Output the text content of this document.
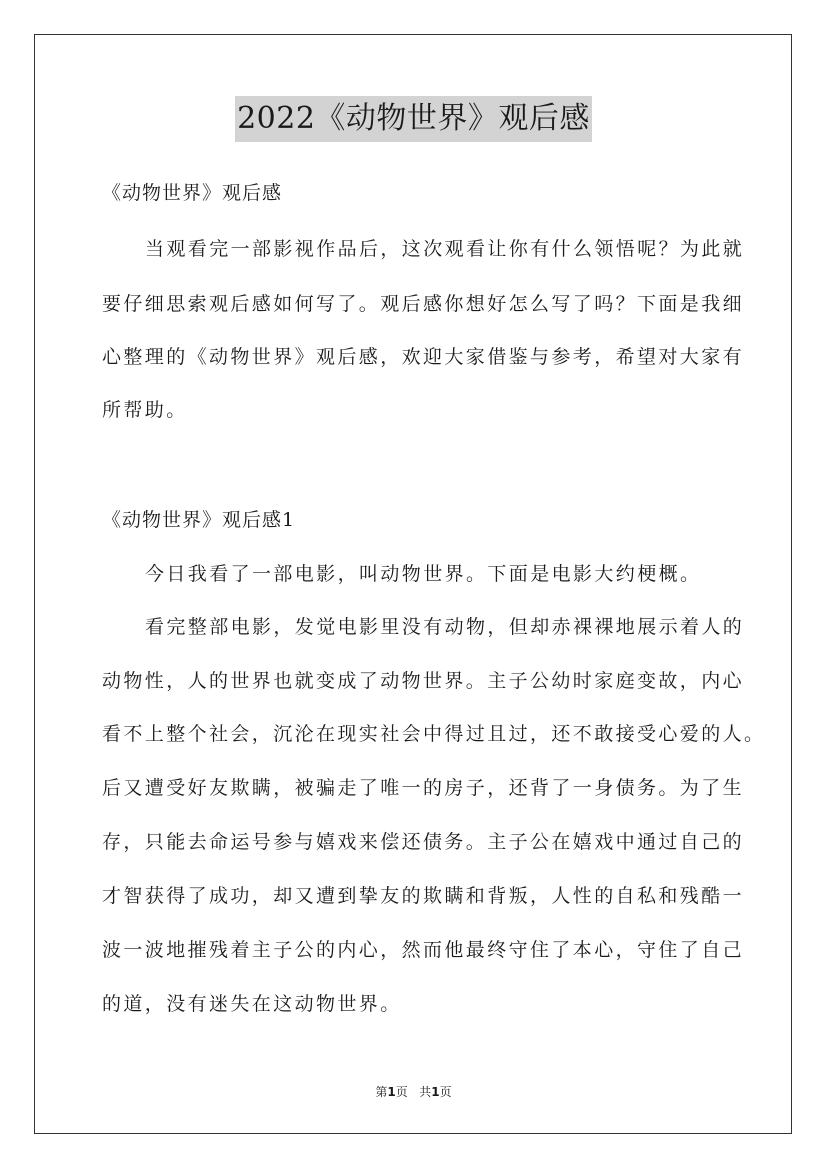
2022《动物世界》观后感
《动物世界》观后感
当观看完一部影视作品后，这次观看让你有什么领悟呢？为此就
要仔细思索观后感如何写了。观后感你想好怎么写了吗？下面是我细
心整理的《动物世界》观后感，欢迎大家借鉴与参考，希望对大家有
所帮助。
《动物世界》观后感1
今日我看了一部电影，叫动物世界。下面是电影大约梗概。
看完整部电影，发觉电影里没有动物，但却赤裸裸地展示着人的
动物性，人的世界也就变成了动物世界。主子公幼时家庭变故，内心
看不上整个社会，沉沦在现实社会中得过且过，还不敢接受心爱的人。
后又遭受好友欺瞒，被骗走了唯一的房子，还背了一身债务。为了生
存，只能去命运号参与嬉戏来偿还债务。主子公在嬉戏中通过自己的
才智获得了成功，却又遭到挚友的欺瞒和背叛，人性的自私和残酷一
波一波地摧残着主子公的内心，然而他最终守住了本心，守住了自己
的道，没有迷失在这动物世界。
第1页   共1页
